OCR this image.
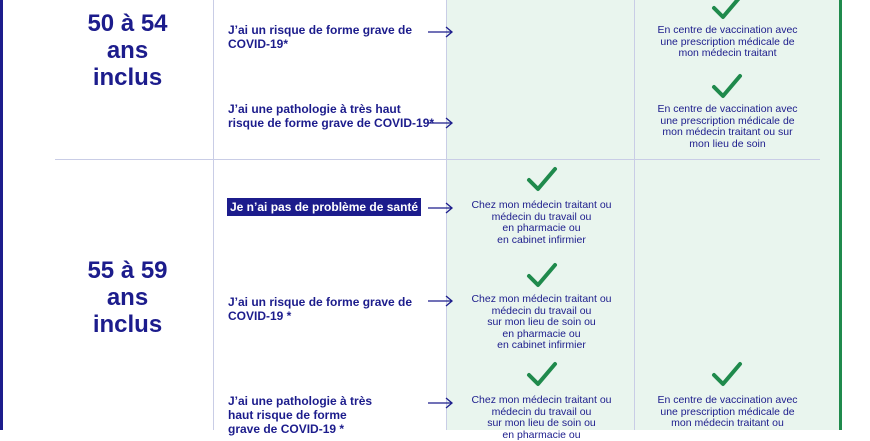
50 à 54
ans
inclus
J’ai un risque de forme grave de COVID-19*
En centre de vaccination avec
une prescription médicale de
mon médecin traitant
J’ai une pathologie à très haut risque de forme grave de COVID-19*
En centre de vaccination avec
une prescription médicale de
mon médecin traitant ou sur
mon lieu de soin
55 à 59
ans
inclus
Je n’ai pas de problème de santé	Chez mon médecin traitant ou
médecin du travail ou
en pharmacie ou
en cabinet infirmier
J’ai un risque de forme grave de COVID-19 *
Chez mon médecin traitant ou
médecin du travail ou
sur mon lieu de soin ou
en pharmacie ou
en cabinet infirmier
J’ai une pathologie à très haut risque de forme grave de COVID-19 *
Chez mon médecin traitant ou
médecin du travail ou
sur mon lieu de soin ou
en pharmacie ou
En centre de vaccination avec
une prescription médicale de
mon médecin traitant ou
